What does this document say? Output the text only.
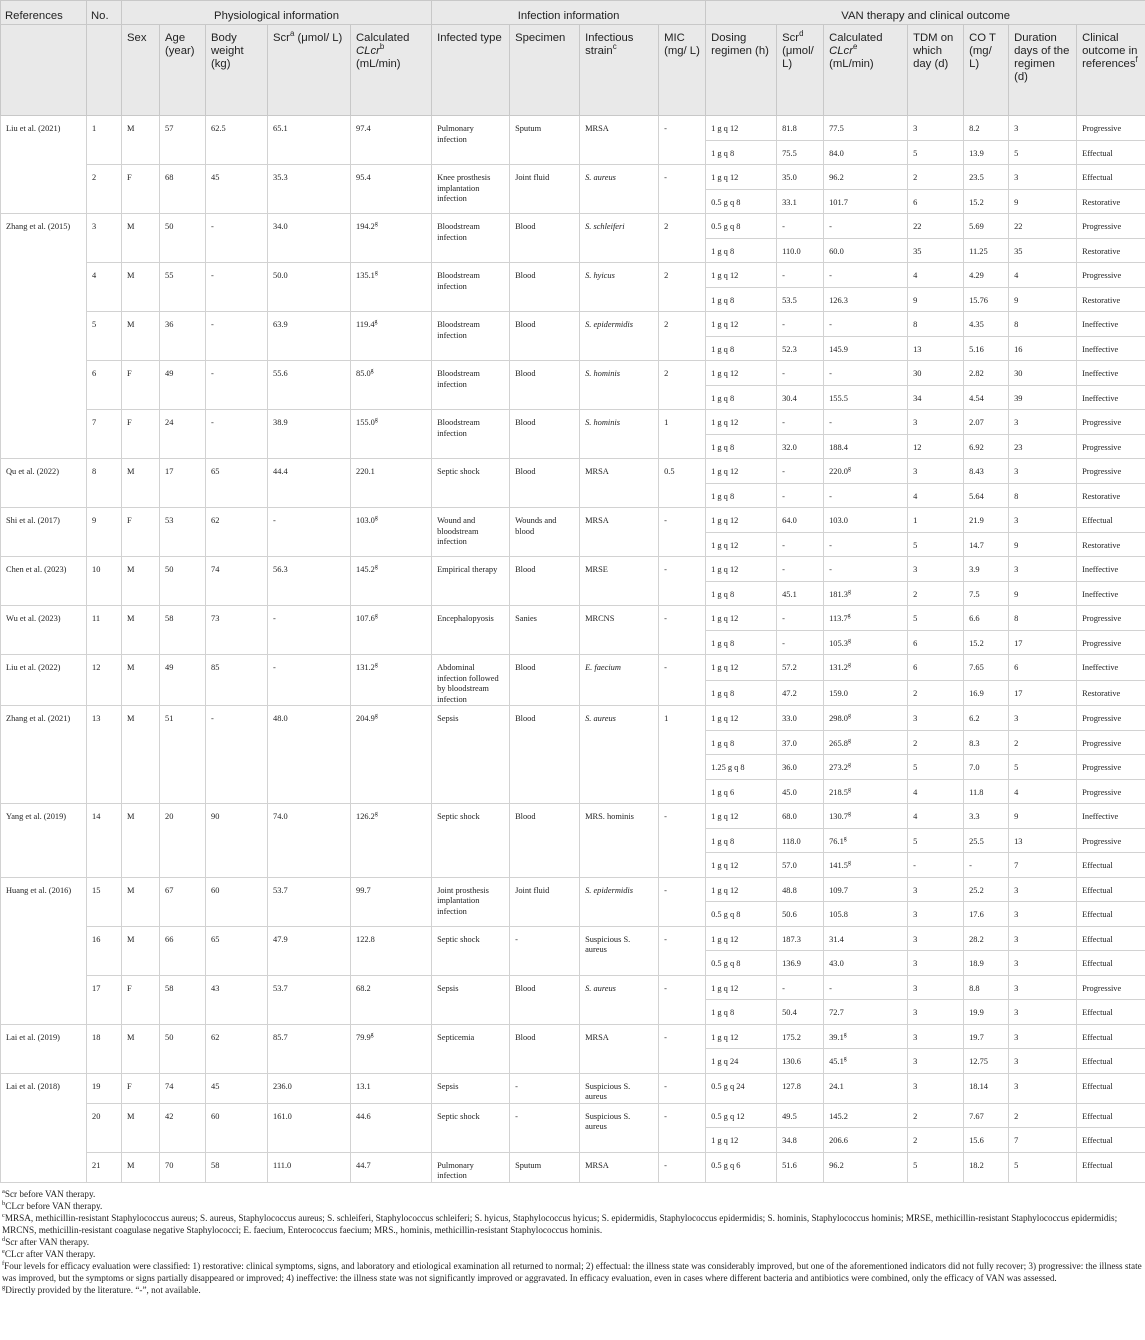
References	No.	Physiological information					Infection information				VAN therapy and clinical outcome						
		Sex	Age (year)	Body weight (kg)	Scr$^a$ (μmol/ L)	Calculated CLcr$^b$ (mL/min)	Infected type	Specimen	Infectious strain$^c$	MIC (mg/ L)	Dosing regimen (h)	Scr$^d$ (μmol/ L)	Calculated CLcr$^e$ (mL/min)	TDM on which day (d)	CO T (mg/ L)	Duration days of the regimen (d)	Clinical outcome in references$^f$
Liu et al. (2021)	1	M	57	62.5	65.1	97.4	Pulmonary infection	Sputum	MRSA	-	1 g q 12	81.8	77.5	3	8.2	3	Progressive
											1 g q 8	75.5	84.0	5	13.9	5	Effectual
	2	F	68	45	35.3	95.4	Knee prosthesis implantation infection	Joint fluid	S. aureus	-	1 g q 12	35.0	96.2	2	23.5	3	Effectual
											0.5 g q 8	33.1	101.7	6	15.2	9	Restorative
Zhang et al. (2015)	3	M	50	-	34.0	194.2$^g$	Bloodstream infection	Blood	S. schleiferi	2	0.5 g q 8	-	-	22	5.69	22	Progressive
											1 g q 8	110.0	60.0	35	11.25	35	Restorative
	4	M	55	-	50.0	135.1$^g$	Bloodstream infection	Blood	S. hyicus	2	1 g q 12	-	-	4	4.29	4	Progressive
											1 g q 8	53.5	126.3	9	15.76	9	Restorative
	5	M	36	-	63.9	119.4$^g$	Bloodstream infection	Blood	S. epidermidis	2	1 g q 12	-	-	8	4.35	8	Ineffective
											1 g q 8	52.3	145.9	13	5.16	16	Ineffective
	6	F	49	-	55.6	85.0$^g$	Bloodstream infection	Blood	S. hominis	2	1 g q 12	-	-	30	2.82	30	Ineffective
											1 g q 8	30.4	155.5	34	4.54	39	Ineffective
	7	F	24	-	38.9	155.0$^g$	Bloodstream infection	Blood	S. hominis	1	1 g q 12	-	-	3	2.07	3	Progressive
											1 g q 8	32.0	188.4	12	6.92	23	Progressive
Qu et al. (2022)	8	M	17	65	44.4	220.1	Septic shock	Blood	MRSA	0.5	1 g q 12	-	220.0$^g$	3	8.43	3	Progressive
											1 g q 8	-	-	4	5.64	8	Restorative
Shi et al. (2017)	9	F	53	62	-	103.0$^g$	Wound and bloodstream infection	Wounds and blood	MRSA	-	1 g q 12	64.0	103.0	1	21.9	3	Effectual
											1 g q 12	-	-	5	14.7	9	Restorative
Chen et al. (2023)	10	M	50	74	56.3	145.2$^g$	Empirical therapy	Blood	MRSE	-	1 g q 12	-	-	3	3.9	3	Ineffective
											1 g q 8	45.1	181.3$^g$	2	7.5	9	Ineffective
Wu et al. (2023)	11	M	58	73	-	107.6$^g$	Encephalopyosis	Sanies	MRCNS	-	1 g q 12	-	113.7$^g$	5	6.6	8	Progressive
											1 g q 8	-	105.3$^g$	6	15.2	17	Progressive
Liu et al. (2022)	12	M	49	85	-	131.2$^g$	Abdominal infection followed by bloodstream infection	Blood	E. faecium	-	1 g q 12	57.2	131.2$^g$	6	7.65	6	Ineffective
											1 g q 8	47.2	159.0	2	16.9	17	Restorative
Zhang et al. (2021)	13	M	51	-	48.0	204.9$^g$	Sepsis	Blood	S. aureus	1	1 g q 12	33.0	298.0$^g$	3	6.2	3	Progressive
											1 g q 8	37.0	265.8$^g$	2	8.3	2	Progressive
											1.25 g q 8	36.0	273.2$^g$	5	7.0	5	Progressive
											1 g q 6	45.0	218.5$^g$	4	11.8	4	Progressive
Yang et al. (2019)	14	M	20	90	74.0	126.2$^g$	Septic shock	Blood	MRS. hominis	-	1 g q 12	68.0	130.7$^g$	4	3.3	9	Ineffective
											1 g q 8	118.0	76.1$^g$	5	25.5	13	Progressive
											1 g q 12	57.0	141.5$^g$	-	-	7	Effectual
Huang et al. (2016)	15	M	67	60	53.7	99.7	Joint prosthesis implantation infection	Joint fluid	S. epidermidis	-	1 g q 12	48.8	109.7	3	25.2	3	Effectual
											0.5 g q 8	50.6	105.8	3	17.6	3	Effectual
	16	M	66	65	47.9	122.8	Septic shock	-	Suspicious S. aureus	-	1 g q 12	187.3	31.4	3	28.2	3	Effectual
											0.5 g q 8	136.9	43.0	3	18.9	3	Effectual
	17	F	58	43	53.7	68.2	Sepsis	Blood	S. aureus	-	1 g q 12	-	-	3	8.8	3	Progressive
											1 g q 8	50.4	72.7	3	19.9	3	Effectual
Lai et al. (2019)	18	M	50	62	85.7	79.9$^g$	Septicemia	Blood	MRSA	-	1 g q 12	175.2	39.1$^g$	3	19.7	3	Effectual
											1 g q 24	130.6	45.1$^g$	3	12.75	3	Effectual
Lai et al. (2018)	19	F	74	45	236.0	13.1	Sepsis	-	Suspicious S. aureus	-	0.5 g q 24	127.8	24.1	3	18.14	3	Effectual
	20	M	42	60	161.0	44.6	Septic shock	-	Suspicious S. aureus	-	0.5 g q 12	49.5	145.2	2	7.67	2	Effectual
											1 g q 12	34.8	206.6	2	15.6	7	Effectual
	21	M	70	58	111.0	44.7	Pulmonary infection	Sputum	MRSA	-	0.5 g q 6	51.6	96.2	5	18.2	5	Effectual

$^a$Scr before VAN therapy.

$^b$CLcr before VAN therapy.

$^c$MRSA, methicillin-resistant Staphylococcus aureus; S. aureus, Staphylococcus aureus; S. schleiferi, Staphylococcus schleiferi; S. hyicus, Staphylococcus hyicus; S. epidermidis, Staphylococcus epidermidis; S. hominis, Staphylococcus hominis; MRSE, methicillin-resistant Staphylococcus epidermidis; MRCNS, methicillin-resistant coagulase negative Staphylococci; E. faecium, Enterococcus faecium; MRS., hominis, methicillin-resistant Staphylococcus hominis.

$^d$Scr after VAN therapy.

$^e$CLcr after VAN therapy.

$^f$Four levels for efficacy evaluation were classified: 1) restorative: clinical symptoms, signs, and laboratory and etiological examination all returned to normal; 2) effectual: the illness state was considerably improved, but one of the aforementioned indicators did not fully recover; 3) progressive: the illness state was improved, but the symptoms or signs partially disappeared or improved; 4) ineffective: the illness state was not significantly improved or aggravated. In efficacy evaluation, even in cases where different bacteria and antibiotics were combined, only the efficacy of VAN was assessed.

$^g$Directly provided by the literature. “-”, not available.
